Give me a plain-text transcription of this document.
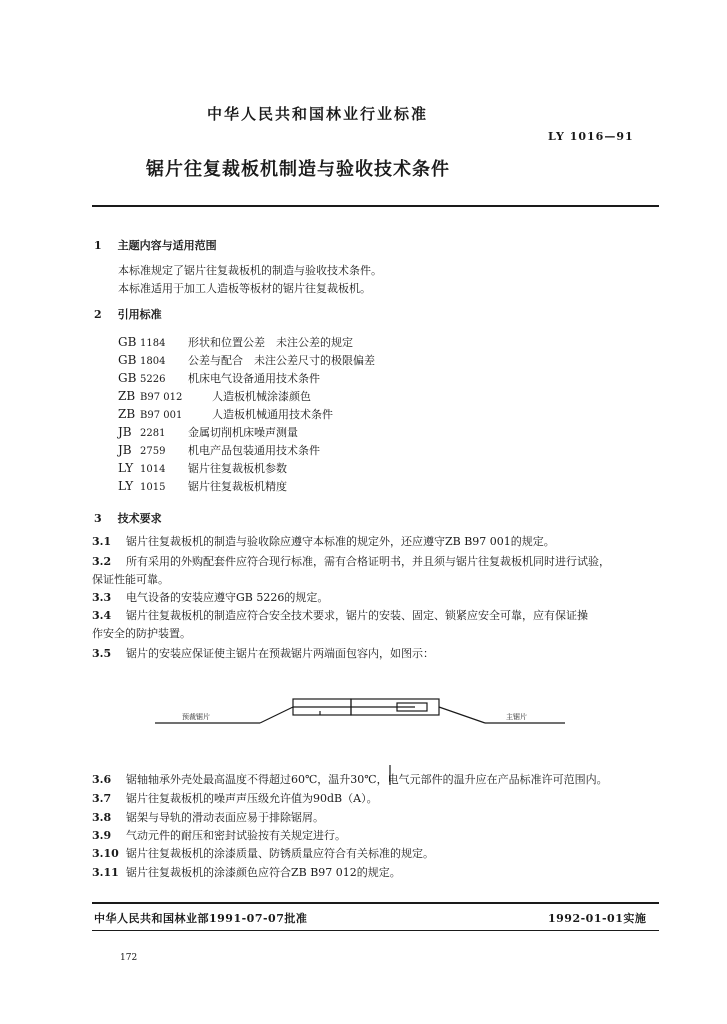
中华人民共和国林业行业标准
LY 1016—91
锯片往复裁板机制造与验收技术条件
1 主题内容与适用范围
本标准规定了锯片往复裁板机的制造与验收技术条件。
本标准适用于加工人造板等板材的锯片往复裁板机。
2 引用标准
GB 1184 形状和位置公差　未注公差的规定
GB 1804 公差与配合　未注公差尺寸的极限偏差
GB 5226 机床电气设备通用技术条件
ZB B97 012	人造板机械涂漆颜色
ZB B97 001	人造板机械通用技术条件
JB 2281 金属切削机床噪声测量
JB 2759 机电产品包装通用技术条件
LY 1014 锯片往复裁板机参数
LY 1015 锯片往复裁板机精度
3 技术要求
3.1 锯片往复裁板机的制造与验收除应遵守本标准的规定外，还应遵守ZB B97 001的规定。
3.2 所有采用的外购配套件应符合现行标准，需有合格证明书，并且须与锯片往复裁板机同时进行试验，
保证性能可靠。
3.3 电气设备的安装应遵守GB 5226的规定。
3.4 锯片往复裁板机的制造应符合安全技术要求，锯片的安装、固定、锁紧应安全可靠，应有保证操
作安全的防护装置。
3.5 锯片的安装应保证使主锯片在预裁锯片两端面包容内，如图示：
预裁锯片	主锯片
3.6 锯轴轴承外壳处最高温度不得超过60℃，温升30℃，电气元部件的温升应在产品标准许可范围内。
3.7 锯片往复裁板机的噪声声压级允许值为90dB（A）。
3.8 锯架与导轨的滑动表面应易于排除锯屑。
3.9 气动元件的耐压和密封试验按有关规定进行。
3.10 锯片往复裁板机的涂漆质量、防锈质量应符合有关标准的规定。
3.11 锯片往复裁板机的涂漆颜色应符合ZB B97 012的规定。
中华人民共和国林业部1991-07-07批准	1992-01-01实施
172
